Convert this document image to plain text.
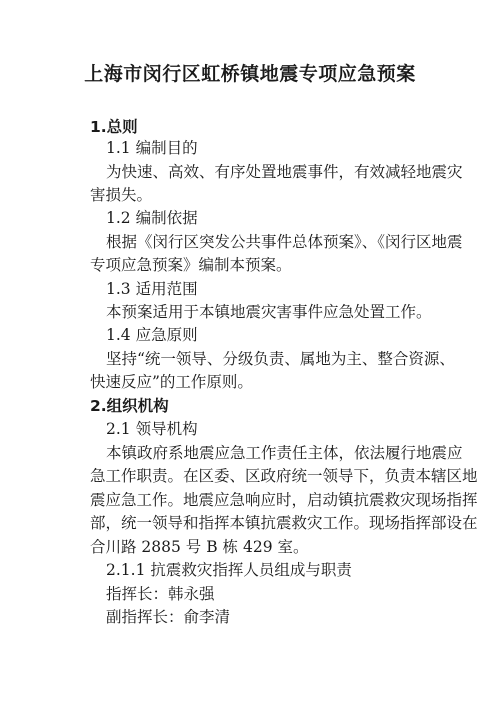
上海市闵行区虹桥镇地震专项应急预案
1.总则
1.1 编制目的
为快速、高效、有序处置地震事件，有效减轻地震灾
害损失。
1.2 编制依据
根据《闵行区突发公共事件总体预案》、《闵行区地震
专项应急预案》编制本预案。
1.3 适用范围
本预案适用于本镇地震灾害事件应急处置工作。
1.4 应急原则
坚持“统一领导、分级负责、属地为主、整合资源、
快速反应”的工作原则。
2.组织机构
2.1 领导机构
本镇政府系地震应急工作责任主体，依法履行地震应
急工作职责。在区委、区政府统一领导下，负责本辖区地
震应急工作。地震应急响应时，启动镇抗震救灾现场指挥
部，统一领导和指挥本镇抗震救灾工作。现场指挥部设在
合川路 2885 号 B 栋 429 室。
2.1.1 抗震救灾指挥人员组成与职责
指挥长：韩永强
副指挥长：俞李清
